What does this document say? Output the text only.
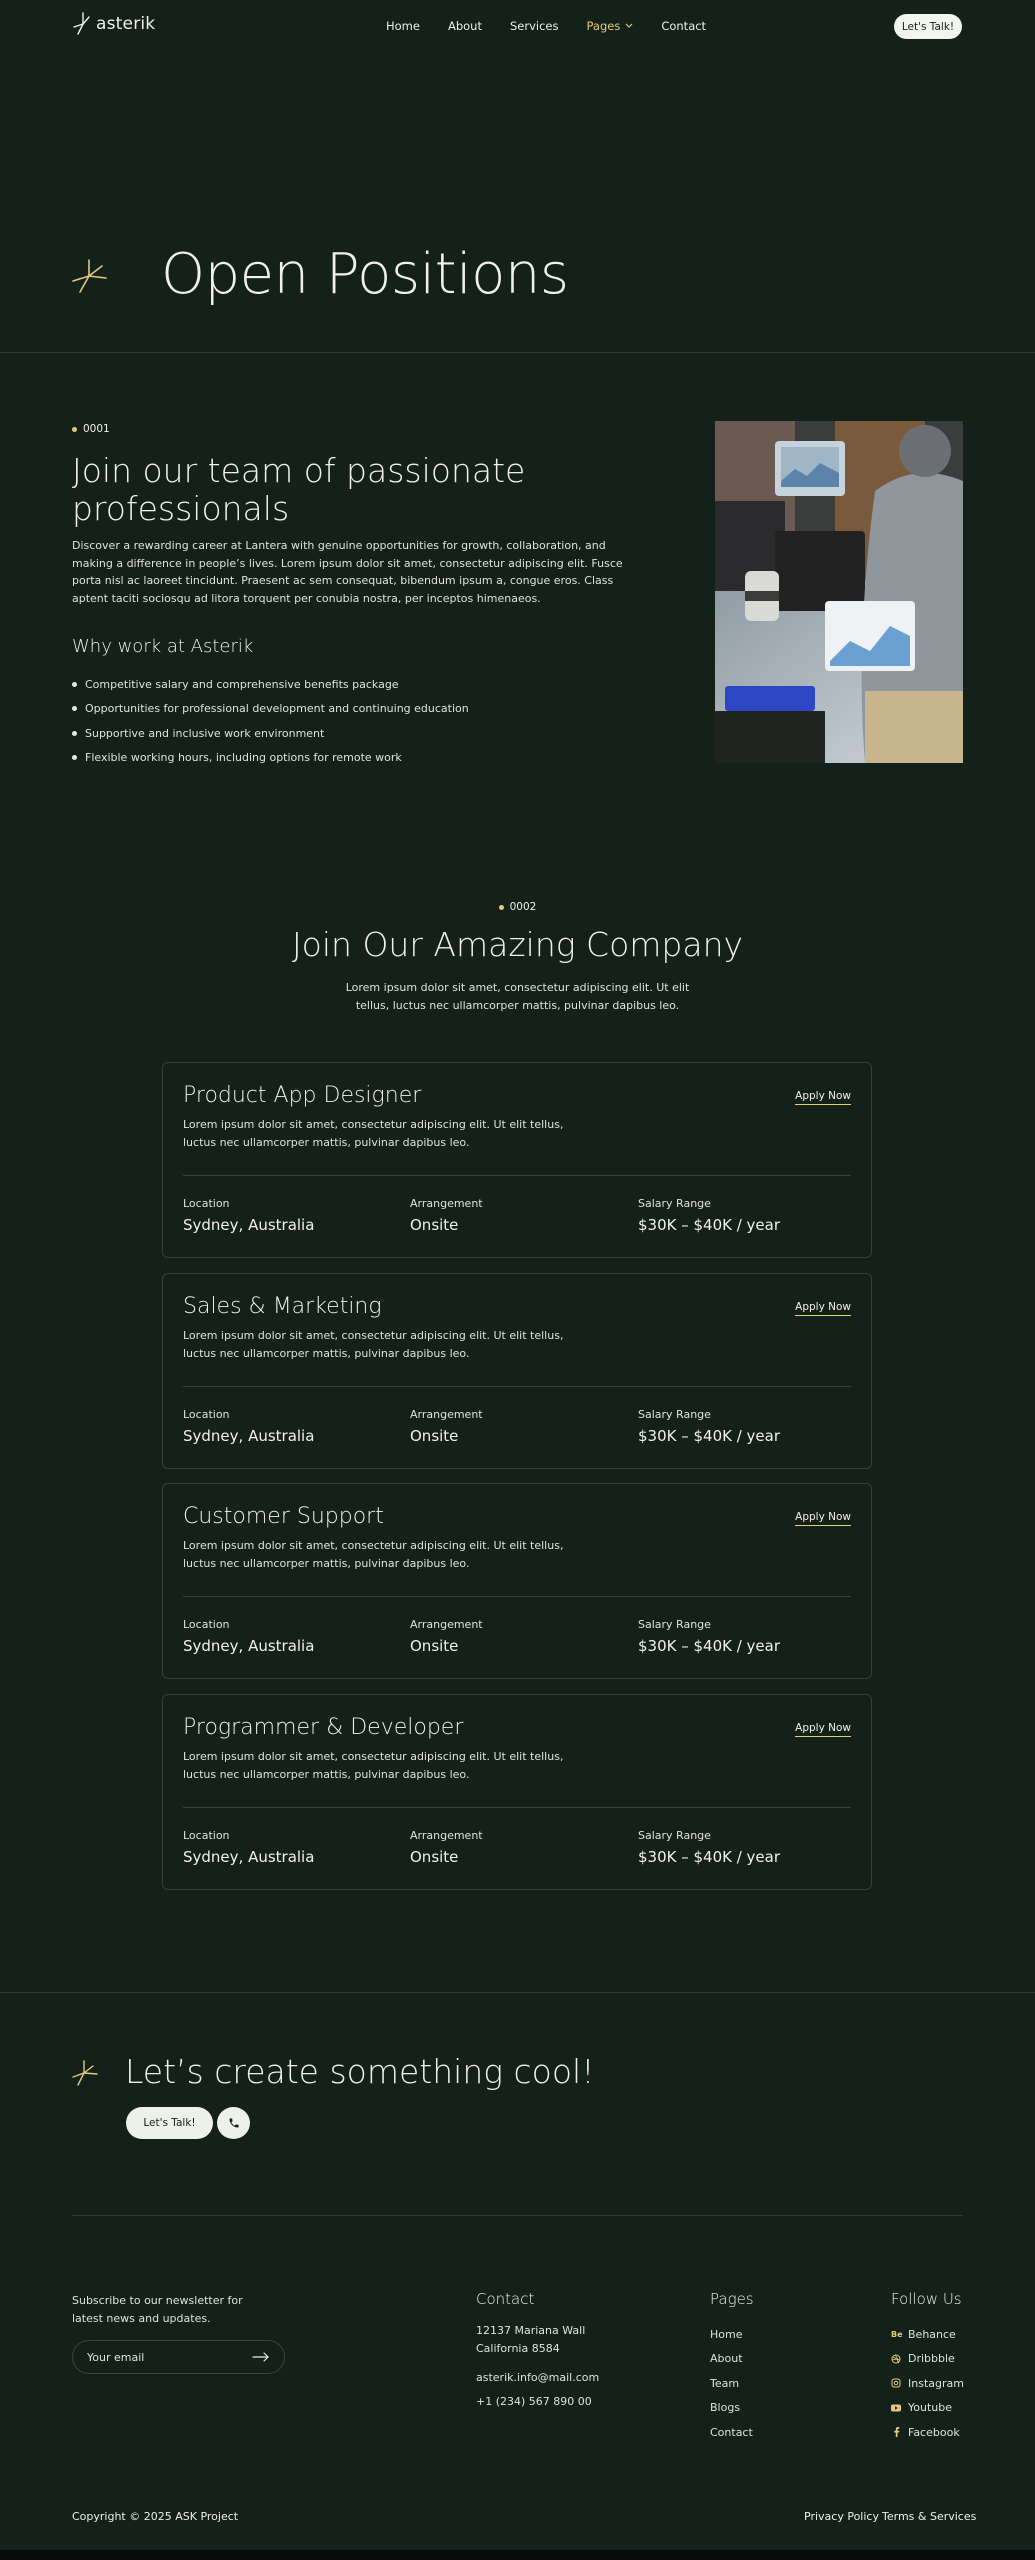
asterik	Home About Services Pages	Contact	Let's Talk!
Open Positions
0001
Join our team of passionate professionals

Discover a rewarding career at Lantera with genuine opportunities for growth, collaboration, and making a difference in people’s lives. Lorem ipsum dolor sit amet, consectetur adipiscing elit. Fusce porta nisl ac laoreet tincidunt. Praesent ac sem consequat, bibendum ipsum a, congue eros. Class aptent taciti sociosqu ad litora torquent per conubia nostra, per inceptos himenaeos.

Why work at Asterik
Competitive salary and comprehensive benefits package
Opportunities for professional development and continuing education
Supportive and inclusive work environment
Flexible working hours, including options for remote work
0002
Join Our Amazing Company

Lorem ipsum dolor sit amet, consectetur adipiscing elit. Ut elit tellus, luctus nec ullamcorper mattis, pulvinar dapibus leo.

Product App Designer	Apply Now

Lorem ipsum dolor sit amet, consectetur adipiscing elit. Ut elit tellus, luctus nec ullamcorper mattis, pulvinar dapibus leo.

Location
Sydney, Australia
Arrangement
Onsite
Salary Range
$30K – $40K / year
Sales & Marketing	Apply Now

Lorem ipsum dolor sit amet, consectetur adipiscing elit. Ut elit tellus, luctus nec ullamcorper mattis, pulvinar dapibus leo.

Location
Sydney, Australia
Arrangement
Onsite
Salary Range
$30K – $40K / year
Customer Support	Apply Now

Lorem ipsum dolor sit amet, consectetur adipiscing elit. Ut elit tellus, luctus nec ullamcorper mattis, pulvinar dapibus leo.

Location
Sydney, Australia
Arrangement
Onsite
Salary Range
$30K – $40K / year
Programmer & Developer	Apply Now

Lorem ipsum dolor sit amet, consectetur adipiscing elit. Ut elit tellus, luctus nec ullamcorper mattis, pulvinar dapibus leo.

Location
Sydney, Australia
Arrangement
Onsite
Salary Range
$30K – $40K / year
Let’s create something cool!
Let's Talk!

Subscribe to our newsletter for latest news and updates.

Your email
Contact
12137 Mariana Wall
California 8584
asterik.info@mail.com
+1 (234) 567 890 00
Pages
Home
About
Team
Blogs
Contact
Follow Us
Be Behance
Dribbble
Instagram
Youtube
Facebook
Copyright © 2025 ASK Project	Privacy Policy Terms & Services
